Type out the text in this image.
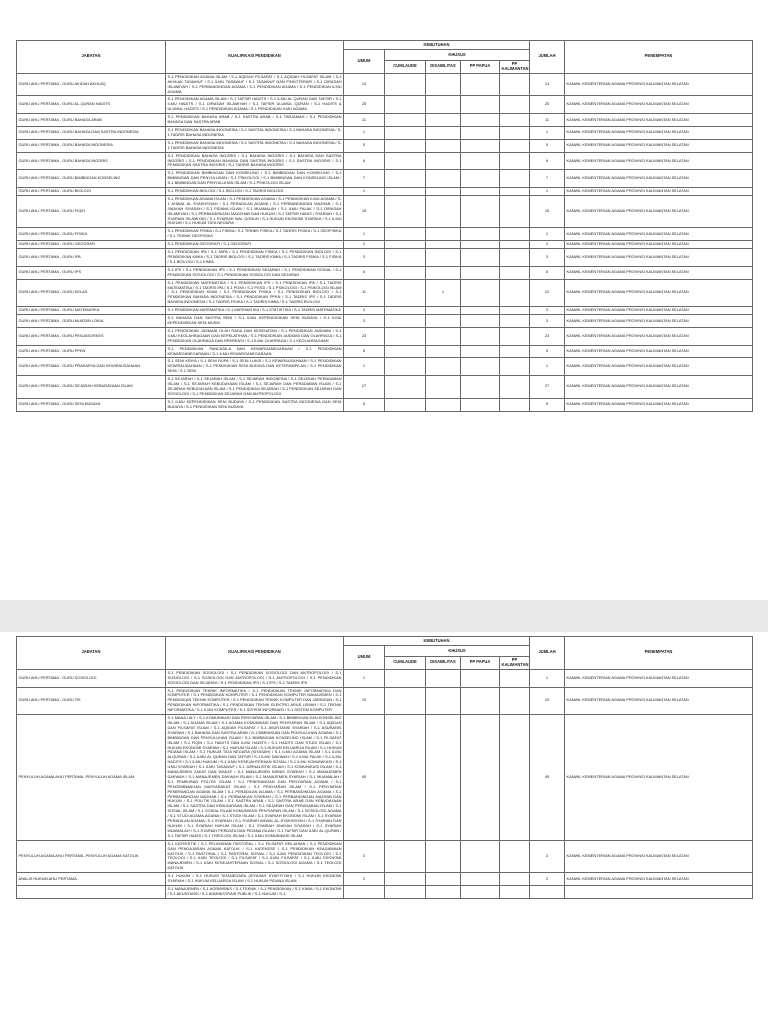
JABATAN	KUALIFIKASI PENDIDIKAN	KEBUTUHAN					JUMLAH	PENEMPATAN
		UMUM	KHUSUS					
			CUMLAUDE	DISABILITAS	PP PAPUA	PP KALIMANTAN		
GURU AHLI PERTAMA - GURU AKIDAH AKHLAQ	S-1 PENDIDIKAN AGAMA ISLAM / S-1 AQIDAH FILSAFAT / S-1 AQIDAH FILSAFAT ISLAM / S-1 AKHLAK TASAWUF / S-1 ILMU TASAWUF / S-1 TASAWUF DAN PSIKOTERAPI / S-1 DIRASAH ISLAMIYAH / S-1 PERBANDINGAN AGAMA / S-1 PENDIDIKAN AGAMA / S-1 PENDIDIKAN ILMU AGAMA	14					14	KANWIL KEMENTERIAN AGAMA PROVINSI KALIMANTAN SELATAN
GURU AHLI PERTAMA - GURU AL-QURAN HADITS	S-1 PENDIDIKAN AGAMA ISLAM / S-1 TAFSIR HADITS / S-1 ILMU AL QURAN DAN TAFSIR / S-1 ILMU HADITS / S-1 DIRASAH ISLAMIYAH / S-1 TAFSIR ULUMUL QURAN / S-1 HADITS & ULUMUL HADITS / S-1 PENDIDIKAN AGAMA / S-1 PENDIDIKAN ILMU AGAMA	25					25	KANWIL KEMENTERIAN AGAMA PROVINSI KALIMANTAN SELATAN
GURU AHLI PERTAMA - GURU BAHASA ARAB	S-1 PENDIDIKAN BAHASA ARAB / S-1 SASTRA ARAB / S-1 TARJAMAH / S-1 PENDIDIKAN BAHASA DAN SASTRA ARAB	11					11	KANWIL KEMENTERIAN AGAMA PROVINSI KALIMANTAN SELATAN
GURU AHLI PERTAMA - GURU BAHASA DAN SASTRA INDONESIA	S-1 PENDIDIKAN BAHASA INDONESIA / S-1 SASTRA INDONESIA / S-1 BAHASA INDONESIA / S-1 TADRIS BAHASA INDONESIA	1					1	KANWIL KEMENTERIAN AGAMA PROVINSI KALIMANTAN SELATAN
GURU AHLI PERTAMA - GURU BAHASA INDONESIA	S-1 PENDIDIKAN BAHASA INDONESIA / S-1 SASTRA INDONESIA / S-1 BAHASA INDONESIA / S-1 TADRIS BAHASA INDONESIA	5					5	KANWIL KEMENTERIAN AGAMA PROVINSI KALIMANTAN SELATAN
GURU AHLI PERTAMA - GURU BAHASA INGGRIS	S-1 PENDIDIKAN BAHASA INGGRIS / S-1 BAHASA INGGRIS / S-1 BAHASA DAN SASTRA INGGRIS / S-1 PENDIDIKAN BAHASA DAN SASTRA INGGRIS / S-1 SASTRA INGGRIS / S-1 PENDIDIKAN SASTRA INGGRIS / S-1 TADRIS BAHASA INGGRIS	6					6	KANWIL KEMENTERIAN AGAMA PROVINSI KALIMANTAN SELATAN
GURU AHLI PERTAMA - GURU BIMBINGAN KONSELING	S-1 PENDIDIKAN BIMBINGAN DAN KONSELING / S-1 BIMBINGAN DAN KONSELING / S-1 BIMBINGAN DAN PENYULUHAN / S-1 PSIKOLOGI / S-1 BIMBINGAN DAN KONSELING ISLAM / S-1 BIMBINGAN DAN PENYULUHAN ISLAM / S-1 PSIKOLOGI ISLAM	7					7	KANWIL KEMENTERIAN AGAMA PROVINSI KALIMANTAN SELATAN
GURU AHLI PERTAMA - GURU BIOLOGI	S-1 PENDIDIKAN BIOLOGI / S-1 BIOLOGI / S-1 TADRIS BIOLOGI	1					1	KANWIL KEMENTERIAN AGAMA PROVINSI KALIMANTAN SELATAN
GURU AHLI PERTAMA - GURU FIQIH	S-1 PENDIDIKAN AGAMA ISLAM / S-1 PENDIDIKAN AGAMA / S-1 PENDIDIKAN ILMU AGAMA / S-1 AHWAL AL SYAKHSIYAH / S-1 PERADILAN AGAMA / S-1 PERBANDINGAN MAZHAB / S-1 JINAYAH SIYASAH / S-1 PIDANA ISLAM / S-1 MUAMALAH / S-1 ILMU FALAK / S-1 DIRASAH ISLAMIYAH / S-1 PERBANDINGAN MADZHAB DAN HUKUM / S-1 TAFSIR HADIS / SYARIAH / S-1 SYARIAH ISLAMIYAH / S-1 SYARIAH WAL QONUN / S-1 HUKUM EKONOMI SYARIAH / S-1 ILMU HUKUM / S-1 HUKUM TATA NEGARA	15					15	KANWIL KEMENTERIAN AGAMA PROVINSI KALIMANTAN SELATAN
GURU AHLI PERTAMA - GURU FISIKA	S-1 PENDIDIKAN FISIKA / S-1 FISIKA / S-1 TEKNIK FISIKA / S-1 TADRIS FISIKA / S-1 GEOFISIKA / S-1 TEKNIK GEOFISIKA	1					1	KANWIL KEMENTERIAN AGAMA PROVINSI KALIMANTAN SELATAN
GURU AHLI PERTAMA - GURU GEOGRAFI	S-1 PENDIDIKAN GEOGRAFI / S-1 GEOGRAFI	2					2	KANWIL KEMENTERIAN AGAMA PROVINSI KALIMANTAN SELATAN
GURU AHLI PERTAMA - GURU IPA	S-1 PENDIDIKAN IPA / S-1 MIPA / S-1 PENDIDIKAN FISIKA / S-1 PENDIDIKAN BIOLOGI / S-1 PENDIDIKAN KIMIA / S-1 TADRIS BIOLOGI / S-1 TADRIS KIMIA / S-1 TADRIS FISIKA / S-1 FISIKA / S-1 BIOLOGI / S-1 KIMIA	3					3	KANWIL KEMENTERIAN AGAMA PROVINSI KALIMANTAN SELATAN
GURU AHLI PERTAMA - GURU IPS	S-1 IPS / S-1 PENDIDIKAN IPS / S-1 PENDIDIKAN SEJARAH / S-1 PENDIDIKAN SOSIAL / S-1 PENDIDIKAN SOSIOLOGI / S-1 PENDIDIKAN SOSIOLOGI DAN SEJARAH	6					6	KANWIL KEMENTERIAN AGAMA PROVINSI KALIMANTAN SELATAN
GURU AHLI PERTAMA - GURU KELAS	S-1 PENDIDIKAN MATEMATIKA / S-1 PENDIDIKAN IPS / S-1 PENDIDIKAN IPA / S-1 TADRIS MATEMATIKA / S-1 TADRIS IPA / S-1 PGMI / S-1 PGSD / S-1 PSIKOLOGI / S-1 PSIKOLOGI ISLAM / S-1 PENDIDIKAN KIMIA / S-1 PENDIDIKAN FISIKA / S-1 PENDIDIKAN BIOLOGI / S-1 PENDIDIKAN BAHASA INDONESIA / S-1 PENDIDIKAN PPKN / S-1 TADRIS IPS / S-1 TADRIS BAHASA INDONESIA / S-1 TADRIS FISIKA / S-1 TADRIS KIMIA / S-1 TADRIS BIOLOGI	11		1			12	KANWIL KEMENTERIAN AGAMA PROVINSI KALIMANTAN SELATAN
GURU AHLI PERTAMA - GURU MATEMATIKA	S-1 PENDIDIKAN MATEMATIKA / S-1 MATEMATIKA / S-1 STATISTIKA / S-1 TADRIS MATEMATIKA	3					3	KANWIL KEMENTERIAN AGAMA PROVINSI KALIMANTAN SELATAN
GURU AHLI PERTAMA - GURU MUATAN LOKAL	S-1 BAHASA DAN SASTRA SENI / S-1 ILMU KEPENDIDIKAN SENI BUDAYA / S-1 ILMU KEPENDIDIKAN SENI MUSIK	3					3	KANWIL KEMENTERIAN AGAMA PROVINSI KALIMANTAN SELATAN
GURU AHLI PERTAMA - GURU PENJASORKES	S-1 PENDIDIKAN JASMANI OLAH RAGA DAN KESEHATAN / S-1 PENDIDIKAN JASMANI / S-1 ILMU KEOLAHRAGAAN DAN KEPELATIHAN / S-1 PENDIDIKAN JASMANI DAN OLAHRAGA / S-1 PENDIDIKAN OLAHRAGA DAN REKREASI / S-1 ILMU OLAHRAGA / S-1 KEOLAHRAGAAN	23					23	KANWIL KEMENTERIAN AGAMA PROVINSI KALIMANTAN SELATAN
GURU AHLI PERTAMA - GURU PPKN	S-1 PENDIDIKAN PANCASILA DAN KEWARGANEGARAAN / S-1 PENDIDIKAN KEWARGANEGARAAN / S-1 ILMU KEWARGANEGARAAN	5					5	KANWIL KEMENTERIAN AGAMA PROVINSI KALIMANTAN SELATAN
GURU AHLI PERTAMA - GURU PRAKARYA DAN KEWIRAUSAHAAN	S-1 SENI KRIYA / S-1 SENI RUPA / S-1 SENI LUKIS / S-1 KEWIRAUSAHAAN / S-1 PENDIDIKAN KEWIRAUSAHAAN / S-1 PENDIDIKAN SENI BUDAYA DAN KETERAMPILAN / S-1 PENDIDIKAN SENI / S-1 SENI	1					1	KANWIL KEMENTERIAN AGAMA PROVINSI KALIMANTAN SELATAN
GURU AHLI PERTAMA - GURU SEJARAH KEBUDAYAAN ISLAM	S-1 SEJARAH / S-1 SEJARAH ISLAM / S-1 SEJARAH INDONESIA / S-1 SEJARAH PERADABAN ISLAM / S-1 SEJARAH KEBUDAYAAN ISLAM / S-1 SEJARAH DAN PERADABAN ISLAM / S-1 SEJARAH KEBUDAYAAN ISLAM / S-1 PENDIDIKAN SEJARAH / S-1 PENDIDIKAN SEJARAH DAN SOSIOLOGI / S-1 PENDIDIKAN SEJARAH DAN ANTROPOLOGI	27					27	KANWIL KEMENTERIAN AGAMA PROVINSI KALIMANTAN SELATAN
GURU AHLI PERTAMA - GURU SENI BUDAYA	S-1 ILMU KEPENDIDIKAN SENI BUDAYA / S-1 PENDIDIKAN SASTRA INDONESIA DAN SENI BUDAYA / S-1 PENDIDIKAN SENI BUDAYA	5					5	KANWIL KEMENTERIAN AGAMA PROVINSI KALIMANTAN SELATAN
JABATAN	KUALIFIKASI PENDIDIKAN	KEBUTUHAN					JUMLAH	PENEMPATAN
		UMUM	KHUSUS					
			CUMLAUDE	DISABILITAS	PP PAPUA	PP KALIMANTAN		
GURU AHLI PERTAMA - GURU SOSIOLOGI	S-1 PENDIDIKAN SOSIOLOGI / S-1 PENDIDIKAN SOSIOLOGI DAN ANTROPOLOGI / S-1 SOSIOLOGI / S-1 SOSIOLOGI DAN ANTROPOLOGI / S-1 ANTROPOLOGI / S-1 PENDIDIKAN SOSIOLOGI DAN SEJARAH / S-1 PENDIDIKAN IPS / S-1 IPS / S-1 TADRIS IPS	1					1	KANWIL KEMENTERIAN AGAMA PROVINSI KALIMANTAN SELATAN
GURU AHLI PERTAMA - GURU TIK	S-1 PENDIDIKAN TEKNIK INFORMATIKA / S-1 PENDIDIKAN TEKNIK INFORMATIKA DAN KOMPUTER / S-1 PENDIDIKAN KOMPUTER / S-1 PENDIDIKAN KOMPUTER MANAJEMEN / S-1 PENDIDIKAN TEKNIK KOMPUTER / S-1 PENDIDIKAN TEKNIK KOMPUTER DAN JARINGAN / S-1 PENDIDIKAN INFORMATIKA / S-1 PENDIDIKAN TEKNIK ELEKTRO ARUS LEMAH / S-1 TEKNIK INFORMATIKA / S-1 ILMU KOMPUTER / S-1 SISTEM INFORMASI / S-1 SISTEM KOMPUTER	10					10	KANWIL KEMENTERIAN AGAMA PROVINSI KALIMANTAN SELATAN
PENYULUH AGAMA AHLI PERTAMA -PENYULUH AGAMA ISLAM	S-1 MANAJ ALY / S-1 KOMUNIKASI DAN PENYIARAN ISLAM / S-1 BIMBINGAN DAN KONSELING ISLAM / S-1 AGAMA ISLAM / S-1 AGAMA KOMUNIKASI DAN PENYIARAN ISLAM / S-1 AQIDAH DAN FILSAFAT ISLAM / S-1 AQIDAH FILSAFAT / S-1 AKUNTANSI SYARIAH / S-1 ASURANSI SYARIAH / S-1 BAHASA DAN SASTRA ARAB / S-1 BIMBINGAN DAN PENYULUHAN AGAMA / S-1 BIMBINGAN DAN PENYULUHAN ISLAM / S-1 BIMBINGAN KONSELING ISLAM / S-1 FILSAFAT ISLAM / S-1 FIQIH / S-1 HADITS DAN ILMU HADITS / S-1 HADITS DAN STUDI ISLAM / S-1 HUKUM EKONOMI SYARIAH / S-1 HUKUM ISLAM / S-1 HUKUM KELUARGA ISLAM / S-1 HUKUM PIDANA ISLAM / S-1 HUKUM TATA NEGARA (SIYASAH) / S-1 ILMU AGAMA ISLAM / S-1 ILMU ALQURAN / S-1 ILMU AL QURAN DAN TAFSIR / S-1 ILMU DAKWAH / S-1 ILMU FALAK / S-1 ILMU HADITS / S-1 ILMU HUKUM / S-1 ILMU KESEJAHTERAAN SOSIAL / S-1 ILMU KOMUNIKASI / S-1 ILMU SYARIAH / S-1 ILMU TASAWUF / S-1 JURNALISTIK ISLAM / S-1 KOMUNIKASI ISLAM / S-1 MANAJEMEN ZAKAT DAN WAKAF / S-1 MANAJEMEN BISNIS SYARIAH / S-1 MANAJEMEN DAKWAH / S-1 MANAJEMEN DAKWAH ISLAM / S-1 MANAJEMEN SYARIAH / S-1 MUAMALAH / S-1 PEMIKIRAN POLITIK ISLAM / S-1 PENERANGAN DAN PENYIARAN AGAMA / S-1 PENGEMBANGAN MASYARAKAT ISLAM / S-1 PENYIARAN ISLAM / S-1 PENYIARAN PENERANGAN AGAMA ISLAM / S-1 PERADILAN AGAMA / S-1 PERBANDINGAN AGAMA / S-1 PERBANDINGAN MAZHAB / S-1 PERBANKAN SYARIAH / S-1 PERBANDINGAN MAZHAB DAN HUKUM / S-1 POLITIK ISLAM / S-1 SASTRA ARAB / S-1 SASTRA ARAB DAN KEBUDAYAAN ISLAM / S-1 SASTRA DAN KEBUDAYAAN ISLAM / S-1 SEJARAH DAN PERADABAN ISLAM / S-1 SOSIAL ISLAM / S-1 SOSIAL ISLAM KOMUNIKASI PENYIARAN ISLAM / S-1 SOSIOLOGI AGAMA / S-1 STUDI AGAMA-AGAMA / S-1 STUDI ISLAM / S-1 SYARIAH EKONOMI ISLAM / S-1 SYARIAH PERADILAN AGAMA / S-1 SYARIAH / S-1 SYARIAH AHWAL AL-SYAKHSIYAH / S-1 SYARIAH DAN HUKUM / S-1 SYARIAH HUKUM ISLAM / S-1 SYARIAH JINAYAH SIYASAH / S-1 SYARIAH MUAMALAH / S-1 SYARIAH PERDATA DAN PIDANA ISLAM / S-1 TAFSIR DAN ILMU AL-QURAN / S-1 TAFSIR HADIS / S-1 THEOLOGI ISLAM / S-1 ILMU KOMUNIKASI ISLAM	45					45	KANWIL KEMENTERIAN AGAMA PROVINSI KALIMANTAN SELATAN
PENYULUH AGAMA AHLI PERTAMA -PENYULUH AGAMA KATOLIK	S-1 KATEKETIK / S-1 PELAYANAN PASTORAL / S-1 FILSAFAT KEILAHIAN / S-1 PENDIDIKAN DAN PENGAJARAN AGAMA KATOLIK / S-1 KATEKESE / S-1 PENDIDIKAN KEAGAMAAN KATOLIK / S-1 PASTORAL / S-1 PASTORAL SOSIAL / S-1 ILMU PENDIDIKAN TEOLOGI / S-1 TEOLOGI / S-1 ILMU TEOLOGI / S-1 FILSAFAT / S-1 ILMU FILSAFAT / S-1 ILMU EKONOMI MANAJEMEN / S-1 ILMU KESEJAHTERAAN SOSIAL / S-1 SOSIOLOGI AGAMA / S-1 TEOLOGI KATOLIK	3					3	KANWIL KEMENTERIAN AGAMA PROVINSI KALIMANTAN SELATAN
ANALIS HUKUM AHLI PERTAMA	S-1 HUKUM / S-1 HUKUM TATANEGARA (SIYASAH SYAR'IYYAH) / S-1 HUKUM EKONOMI SYARIAH / S-1 HUKUM KELUARGA ISLAM / S-1 HUKUM PIDANA ISLAM	2					2	KANWIL KEMENTERIAN AGAMA PROVINSI KALIMANTAN SELATAN
	S-1 MANAJEMEN / S-1 AGRIBISNIS / S-1 TEKNIK / S-1 PENDIDIKAN / S-1 KIMIA / S-1 EKONOMI / S-1 AKUNTANSI / S-1 ADMINISTRASI PUBLIK / S-1 HUKUM / S-1							
